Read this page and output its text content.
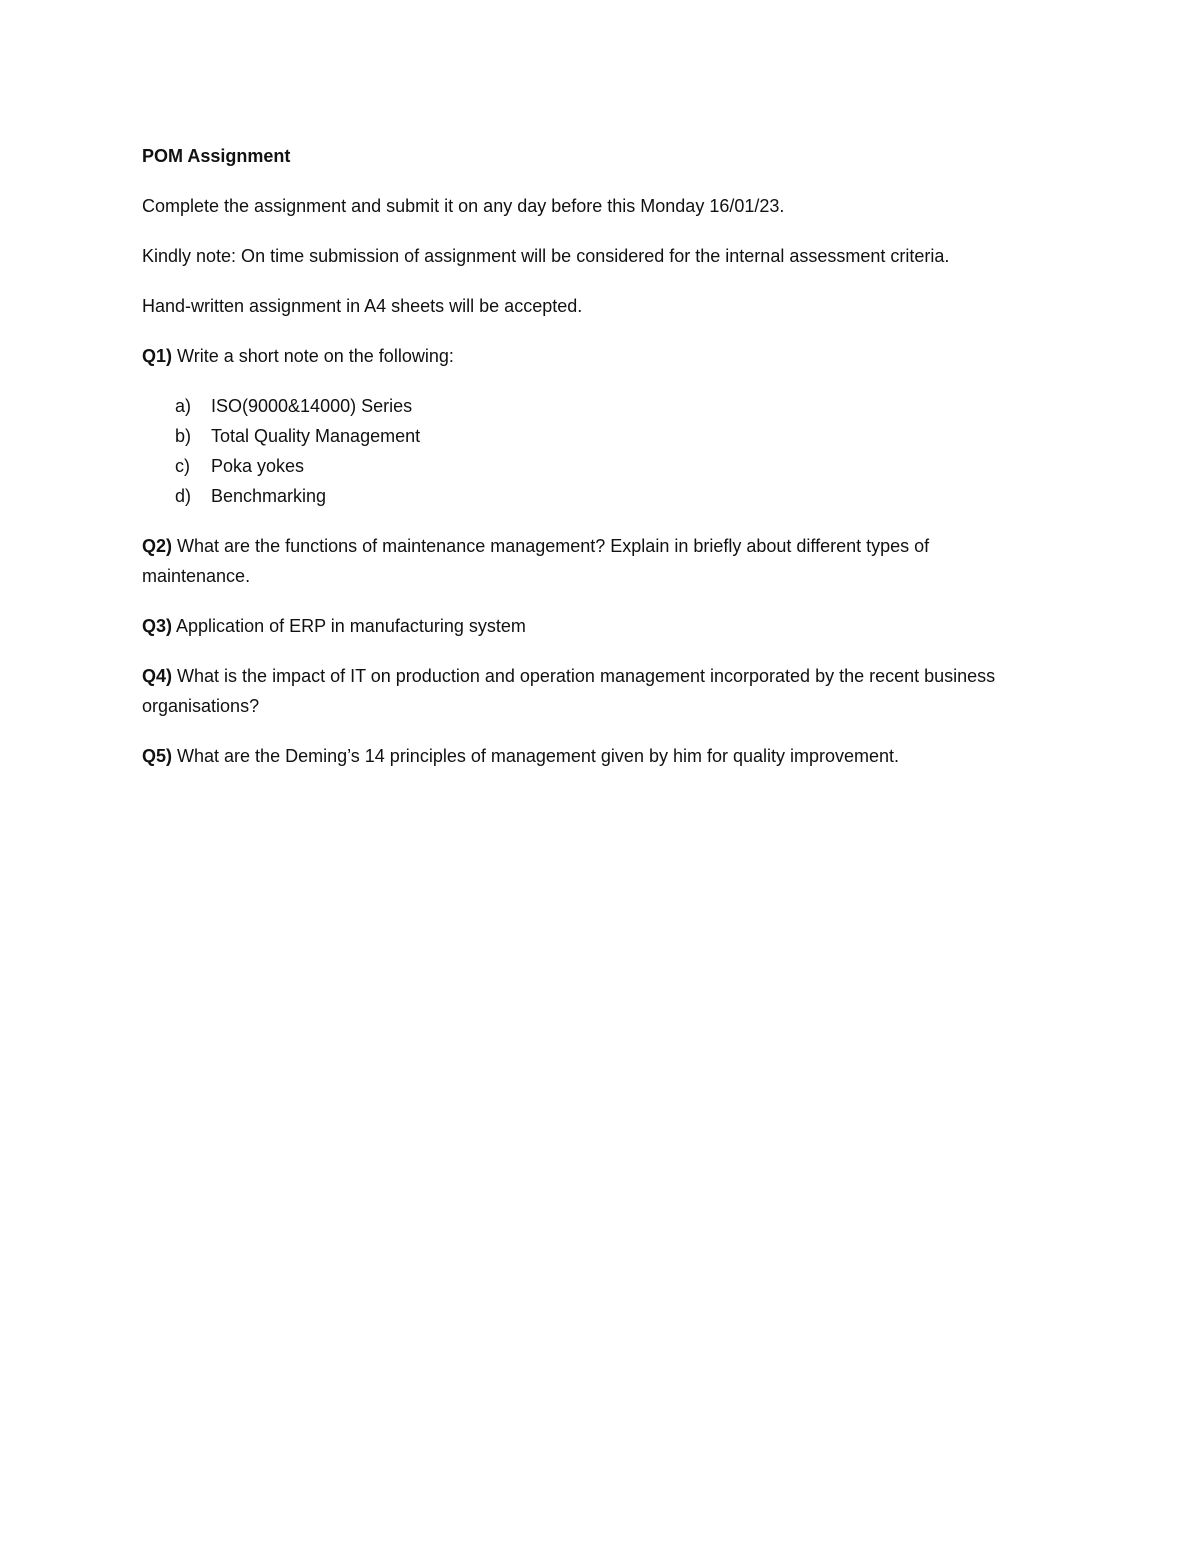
POM Assignment
Complete the assignment and submit it on any day before this Monday 16/01/23.
Kindly note: On time submission of assignment will be considered for the internal assessment criteria.
Hand-written assignment in A4 sheets will be accepted.
Q1) Write a short note on the following:
a) ISO(9000&14000) Series
b) Total Quality Management
c) Poka yokes
d) Benchmarking
Q2) What are the functions of maintenance management? Explain in briefly about different types of maintenance.
Q3) Application of ERP in manufacturing system
Q4) What is the impact of IT on production and operation management incorporated by the recent business organisations?
Q5) What are the Deming’s 14 principles of management given by him for quality improvement.
